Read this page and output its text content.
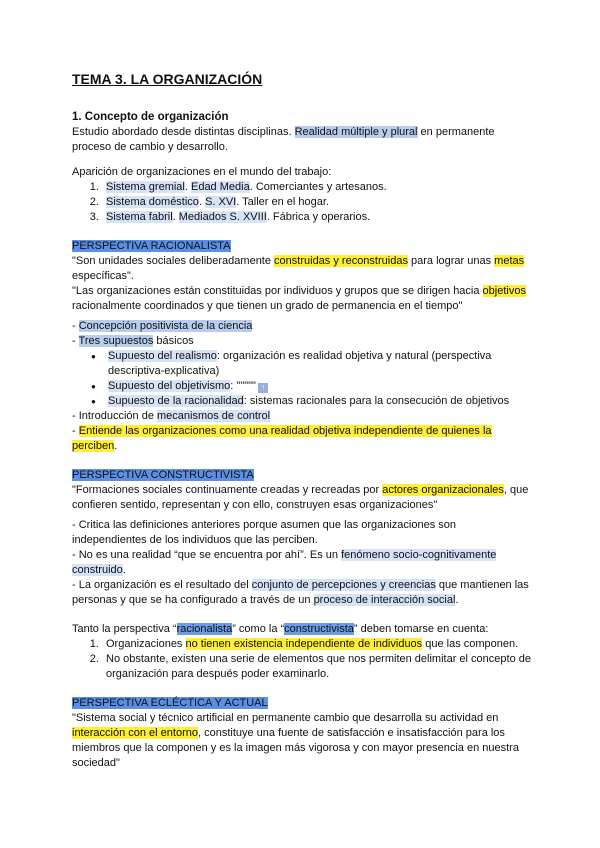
TEMA 3. LA ORGANIZACIÓN

1. Concepto de organización

Estudio abordado desde distintas disciplinas. Realidad múltiple y plural en permanente proceso de cambio y desarrollo.

Aparición de organizaciones en el mundo del trabajo:

1. Sistema gremial. Edad Media. Comerciantes y artesanos.
2. Sistema doméstico. S. XVI. Taller en el hogar.
3. Sistema fabril. Mediados S. XVIII. Fábrica y operarios.

PERSPECTIVA RACIONALISTA

"Son unidades sociales deliberadamente construidas y reconstruidas para lograr unas metas específicas".

"Las organizaciones están constituidas por individuos y grupos que se dirigen hacia objetivos racionalmente coordinados y que tienen un grado de permanencia en el tiempo"

- Concepción positivista de la ciencia

- Tres supuestos básicos

● Supuesto del realismo: organización es realidad objetiva y natural (perspectiva descriptiva-explicativa)
● Supuesto del objetivismo: """"" ↑
● Supuesto de la racionalidad: sistemas racionales para la consecución de objetivos

- Introducción de mecanismos de control

- Entiende las organizaciones como una realidad objetiva independiente de quienes la perciben.

PERSPECTIVA CONSTRUCTIVISTA

"Formaciones sociales continuamente creadas y recreadas por actores organizacionales, que confieren sentido, representan y con ello, construyen esas organizaciones"

- Critica las definiciones anteriores porque asumen que las organizaciones son independientes de los individuos que las perciben.

- No es una realidad “que se encuentra por ahí”. Es un fenómeno socio-cognitivamente construido.

- La organización es el resultado del conjunto de percepciones y creencias que mantienen las personas y que se ha configurado a través de un proceso de interacción social.

Tanto la perspectiva “racionalista” como la “constructivista” deben tomarse en cuenta:

1. Organizaciones no tienen existencia independiente de individuos que las componen.
2. No obstante, existen una serie de elementos que nos permiten delimitar el concepto de organización para después poder examinarlo.

PERSPECTIVA ECLÉCTICA Y ACTUAL

"Sistema social y técnico artificial en permanente cambio que desarrolla su actividad en interacción con el entorno, constituye una fuente de satisfacción e insatisfacción para los miembros que la componen y es la imagen más vigorosa y con mayor presencia en nuestra sociedad"
